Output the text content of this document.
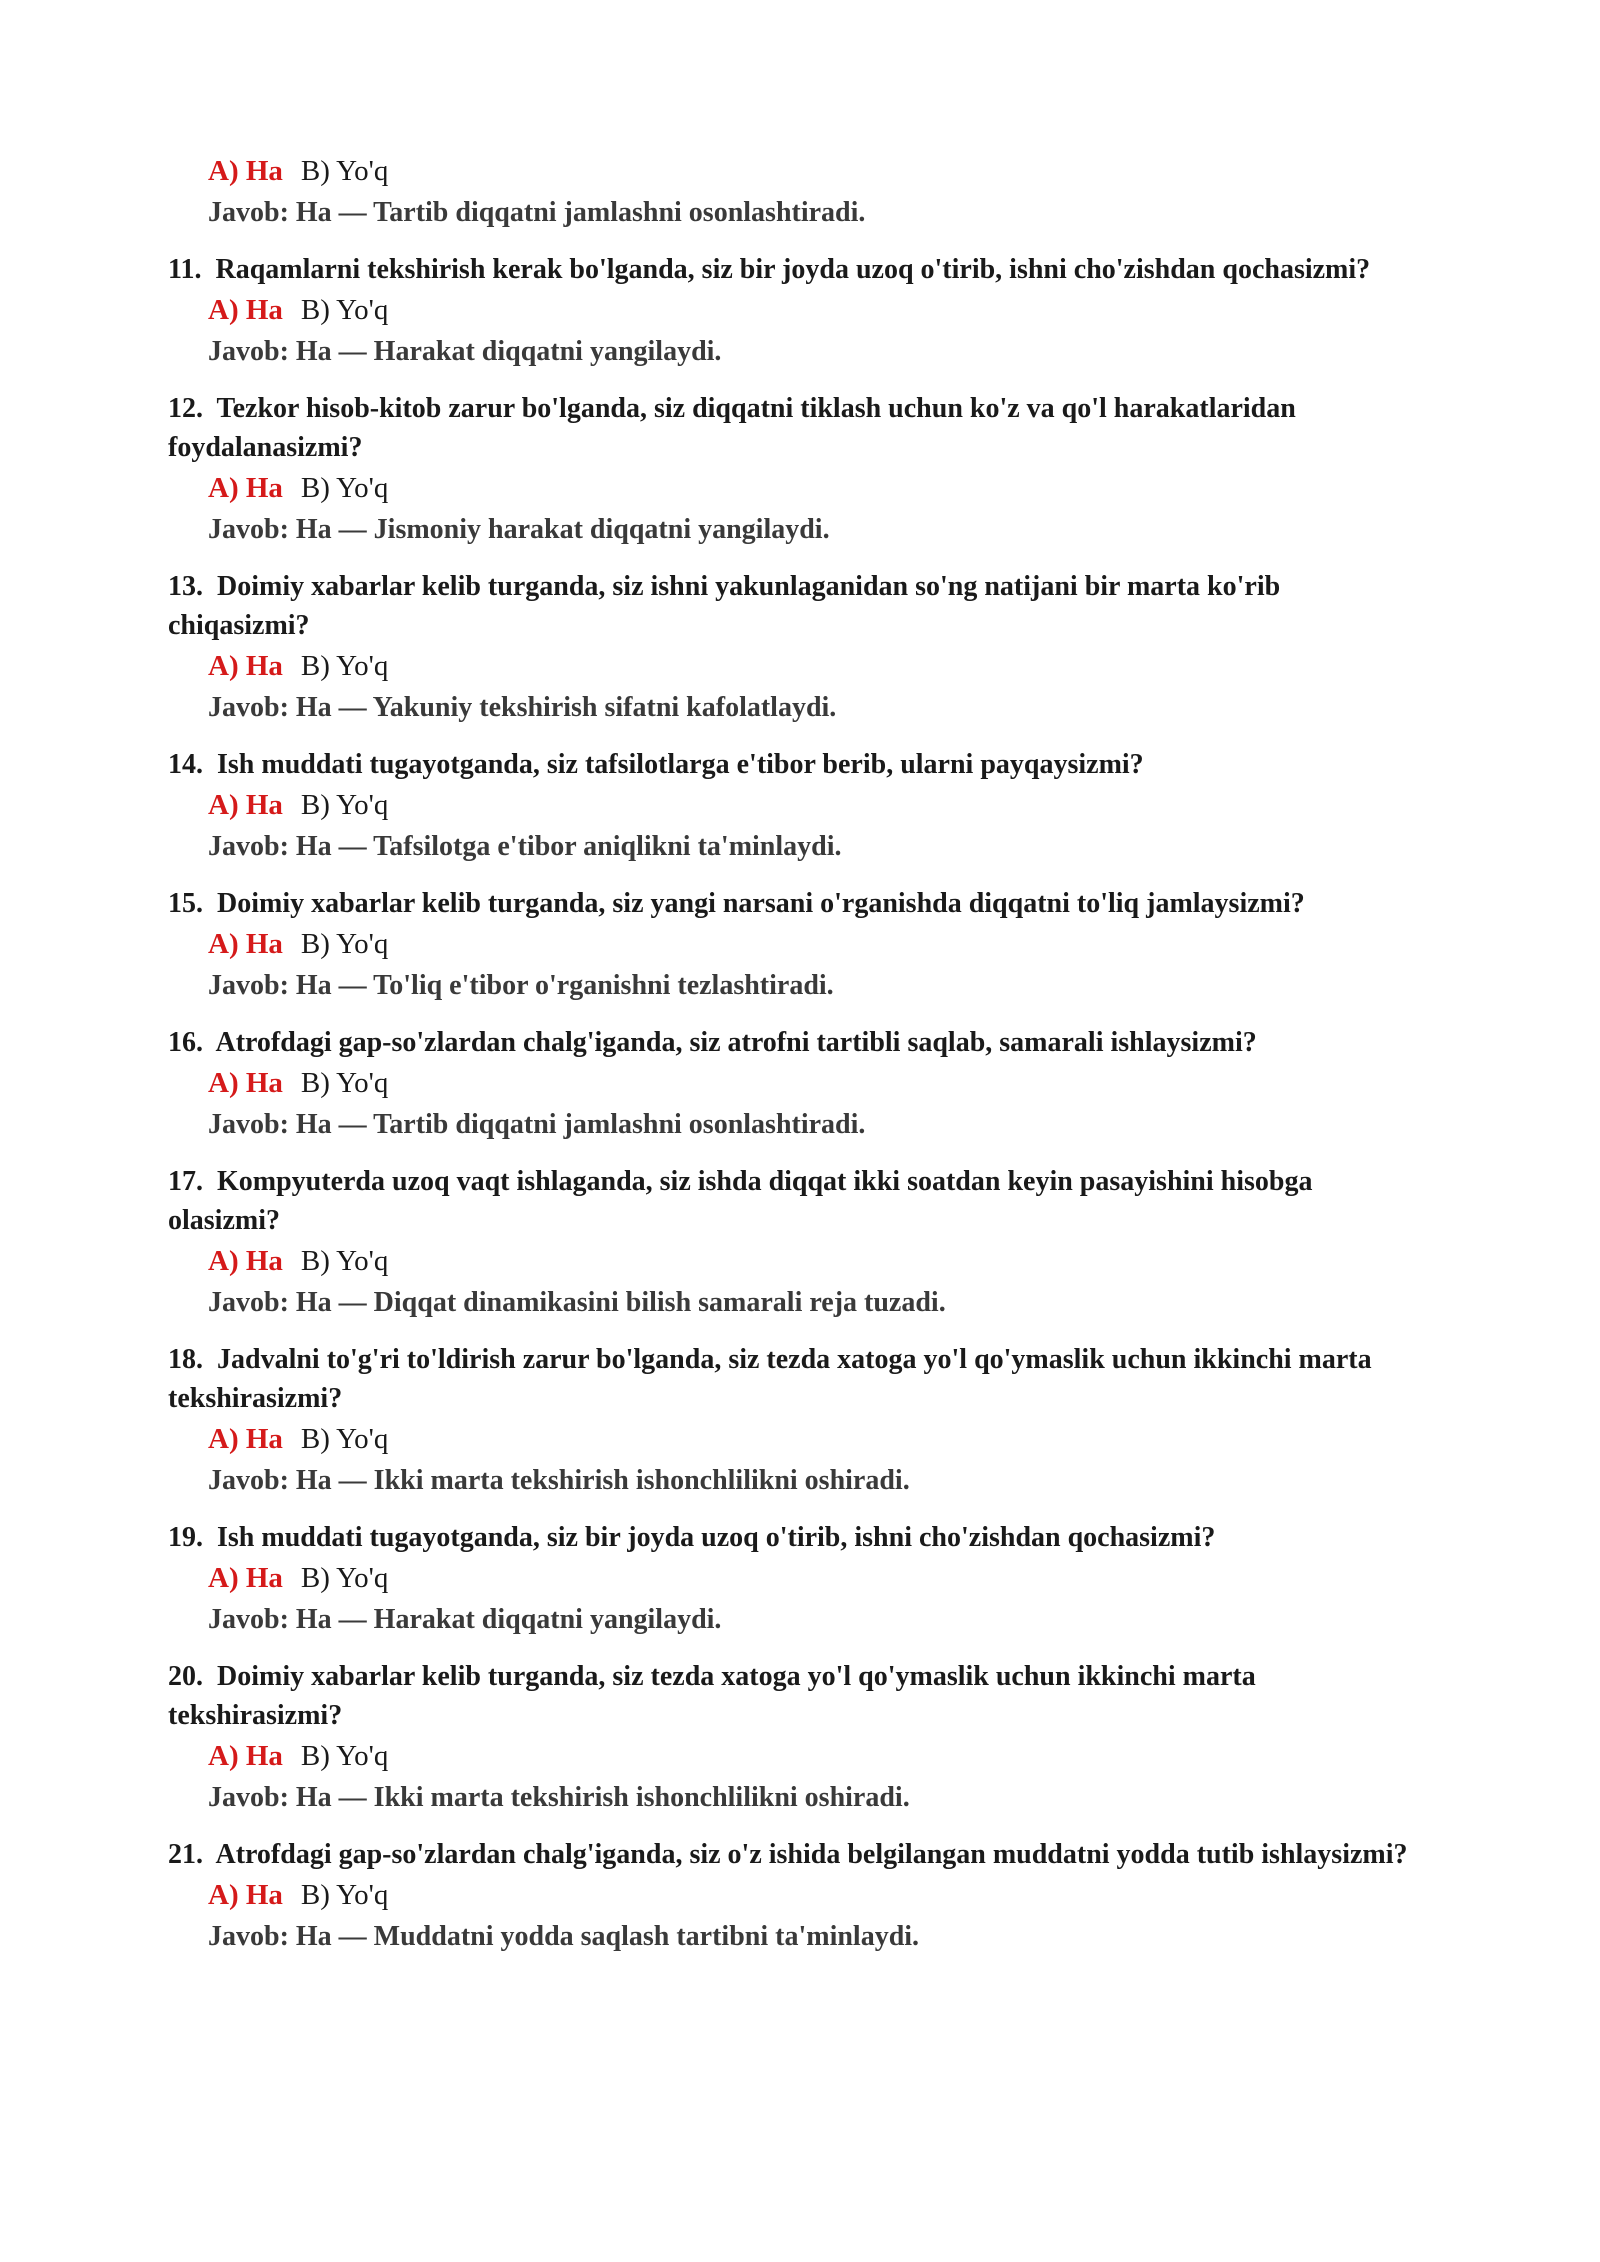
A) Ha B) Yo'q

Javob: Ha — Tartib diqqatni jamlashni osonlashtiradi.

11. Raqamlarni tekshirish kerak bo'lganda, siz bir joyda uzoq o'tirib, ishni cho'zishdan qochasizmi?

A) Ha B) Yo'q

Javob: Ha — Harakat diqqatni yangilaydi.

12. Tezkor hisob-kitob zarur bo'lganda, siz diqqatni tiklash uchun ko'z va qo'l harakatlaridan foydalanasizmi?

A) Ha B) Yo'q

Javob: Ha — Jismoniy harakat diqqatni yangilaydi.

13. Doimiy xabarlar kelib turganda, siz ishni yakunlaganidan so'ng natijani bir marta ko'rib chiqasizmi?

A) Ha B) Yo'q

Javob: Ha — Yakuniy tekshirish sifatni kafolatlaydi.

14. Ish muddati tugayotganda, siz tafsilotlarga e'tibor berib, ularni payqaysizmi?

A) Ha B) Yo'q

Javob: Ha — Tafsilotga e'tibor aniqlikni ta'minlaydi.

15. Doimiy xabarlar kelib turganda, siz yangi narsani o'rganishda diqqatni to'liq jamlaysizmi?

A) Ha B) Yo'q

Javob: Ha — To'liq e'tibor o'rganishni tezlashtiradi.

16. Atrofdagi gap-so'zlardan chalg'iganda, siz atrofni tartibli saqlab, samarali ishlaysizmi?

A) Ha B) Yo'q

Javob: Ha — Tartib diqqatni jamlashni osonlashtiradi.

17. Kompyuterda uzoq vaqt ishlaganda, siz ishda diqqat ikki soatdan keyin pasayishini hisobga olasizmi?

A) Ha B) Yo'q

Javob: Ha — Diqqat dinamikasini bilish samarali reja tuzadi.

18. Jadvalni to'g'ri to'ldirish zarur bo'lganda, siz tezda xatoga yo'l qo'ymaslik uchun ikkinchi marta tekshirasizmi?

A) Ha B) Yo'q

Javob: Ha — Ikki marta tekshirish ishonchlilikni oshiradi.

19. Ish muddati tugayotganda, siz bir joyda uzoq o'tirib, ishni cho'zishdan qochasizmi?

A) Ha B) Yo'q

Javob: Ha — Harakat diqqatni yangilaydi.

20. Doimiy xabarlar kelib turganda, siz tezda xatoga yo'l qo'ymaslik uchun ikkinchi marta tekshirasizmi?

A) Ha B) Yo'q

Javob: Ha — Ikki marta tekshirish ishonchlilikni oshiradi.

21. Atrofdagi gap-so'zlardan chalg'iganda, siz o'z ishida belgilangan muddatni yodda tutib ishlaysizmi?

A) Ha B) Yo'q

Javob: Ha — Muddatni yodda saqlash tartibni ta'minlaydi.
